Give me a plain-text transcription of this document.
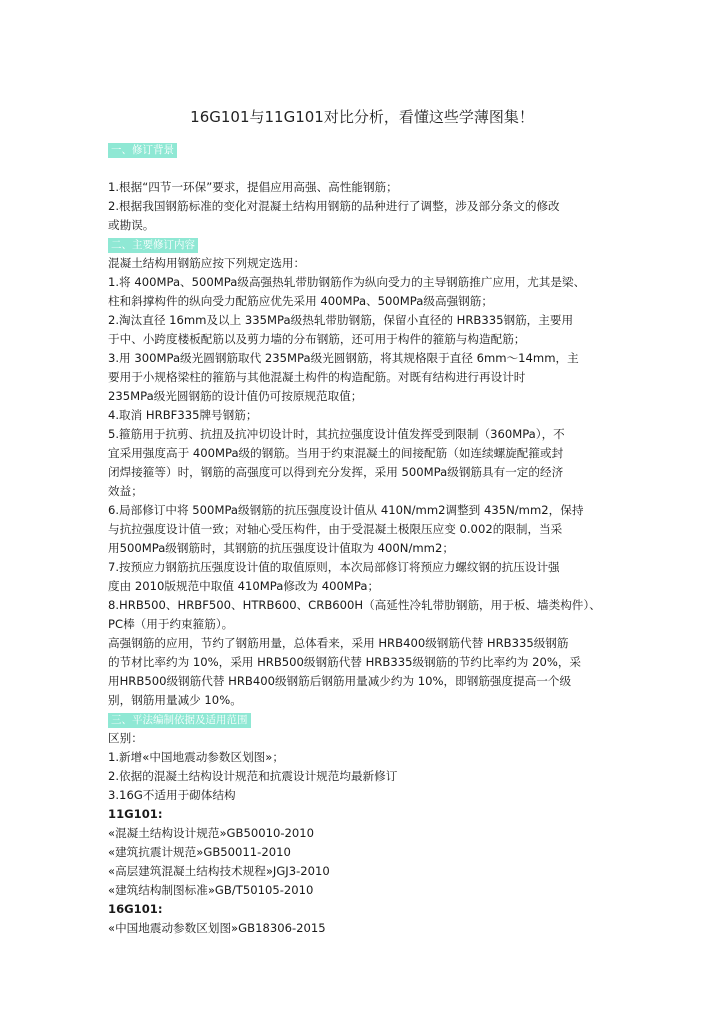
16G101与11G101对比分析，看懂这些学薄图集！
一、修订背景
1.根据“四节一环保”要求，提倡应用高强、高性能钢筋；
2.根据我国钢筋标准的变化对混凝土结构用钢筋的品种进行了调整，涉及部分条文的修改
或勘误。
二、主要修订内容
混凝土结构用钢筋应按下列规定选用：
1.将 400MPa、500MPa级高强热轧带肋钢筋作为纵向受力的主导钢筋推广应用，尤其是梁、
柱和斜撑构件的纵向受力配筋应优先采用 400MPa、500MPa级高强钢筋；
2.淘汰直径 16mm及以上 335MPa级热轧带肋钢筋，保留小直径的 HRB335钢筋，主要用
于中、小跨度楼板配筋以及剪力墙的分布钢筋，还可用于构件的箍筋与构造配筋；
3.用 300MPa级光圆钢筋取代 235MPa级光圆钢筋，将其规格限于直径 6mm～14mm，主
要用于小规格梁柱的箍筋与其他混凝土构件的构造配筋。对既有结构进行再设计时
235MPa级光圆钢筋的设计值仍可按原规范取值；
4.取消 HRBF335牌号钢筋；
5.箍筋用于抗剪、抗扭及抗冲切设计时，其抗拉强度设计值发挥受到限制（360MPa），不
宜采用强度高于 400MPa级的钢筋。当用于约束混凝土的间接配筋（如连续螺旋配箍或封
闭焊接箍等）时，钢筋的高强度可以得到充分发挥，采用 500MPa级钢筋具有一定的经济
效益；
6.局部修订中将 500MPa级钢筋的抗压强度设计值从 410N/mm2调整到 435N/mm2，保持
与抗拉强度设计值一致；对轴心受压构件，由于受混凝土极限压应变 0.002的限制，当采
用500MPa级钢筋时，其钢筋的抗压强度设计值取为 400N/mm2；
7.按预应力钢筋抗压强度设计值的取值原则，本次局部修订将预应力螺纹钢的抗压设计强
度由 2010版规范中取值 410MPa修改为 400MPa；
8.HRB500、HRBF500、HTRB600、CRB600H（高延性冷轧带肋钢筋，用于板、墙类构件）、
PC棒（用于约束箍筋）。
高强钢筋的应用，节约了钢筋用量，总体看来，采用 HRB400级钢筋代替 HRB335级钢筋
的节材比率约为 10%，采用 HRB500级钢筋代替 HRB335级钢筋的节约比率约为 20%，采
用HRB500级钢筋代替 HRB400级钢筋后钢筋用量减少约为 10%，即钢筋强度提高一个级
别，钢筋用量减少 10%。
三、平法编制依据及适用范围
区别：
1.新增«中国地震动参数区划图»；
2.依据的混凝土结构设计规范和抗震设计规范均最新修订
3.16G不适用于砌体结构
11G101:
«混凝土结构设计规范»GB50010-2010
«建筑抗震计规范»GB50011-2010
«高层建筑混凝土结构技术规程»JGJ3-2010
«建筑结构制图标准»GB/T50105-2010
16G101:
«中国地震动参数区划图»GB18306-2015
